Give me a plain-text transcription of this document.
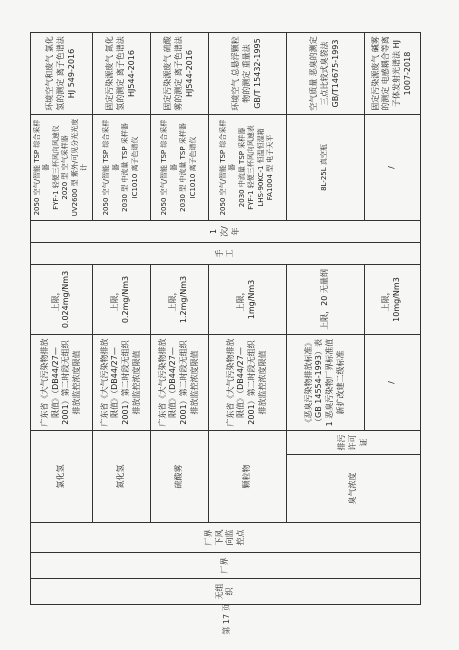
无组织	厂界	厂界下风向监控点	氯化氢		广东省《大气污染物排放限值》（DB44/27—2001）第二时段无组织排放监控浓度限值	上限，0.024mg/Nm3	手工	1 次/年	2050 空气/智能 TSP 综合采样器
FYF-1 轻便三杯风向风速仪
2020 型 空气采样器
UV2600 型 紫外/可见分光光度计	环境空气和废气 氯化氢的测定 离子色谱法 HJ 549-2016
			氮化氢		广东省《大气污染物排放限值》（DB44/27—2001）第二时段无组织排放监控浓度限值	上限，0.2mg/Nm3			2050 空气/智能 TSP 综合采样器
2030 型 中流量 TSP 采样器
IC1010 离子色谱仪	固定污染源废气 氮化氢的测定 离子色谱法 HJ544-2016
			硫酸雾		广东省《大气污染物排放限值》（DB44/27—2001）第二时段无组织排放监控浓度限值	上限，1.2mg/Nm3			2050 空气/智能 TSP 综合采样器
2030 型 中流量 TSP 采样器
IC1010 离子色谱仪	固定污染源废气 硫酸雾的测定 离子色谱法 HJ544-2016
			颗粒物		广东省《大气污染物排放限值》（DB44/27—2001）第二时段无组织排放监控浓度限值	上限，1mg/Nm3			2050 空气/智能 TSP 综合采样器
2030 中流量 TSP 采样器
FYF-1 轻便三杯风向风速表
LHS-90KC-1 恒温恒湿箱
FA1004 型 电子天平	环境空气 总悬浮颗粒物的测定 重量法 GB/T 15432-1995
			臭气浓度	排污许可证	《恶臭污染物排放标准》（GB 14554-1993）表 1 恶臭污染物厂界标准值新扩改建二级标准	上限，20 无量纲			8L-25L 真空瓶	空气质量 恶臭的测定 三点比较式臭袋法 GB/T14675-1993
					/	上限，10mg/Nm3			/	固定污染源废气 碱雾的测定 电感耦合等离子体发射光谱法 HJ 1007-2018
第 17 页
